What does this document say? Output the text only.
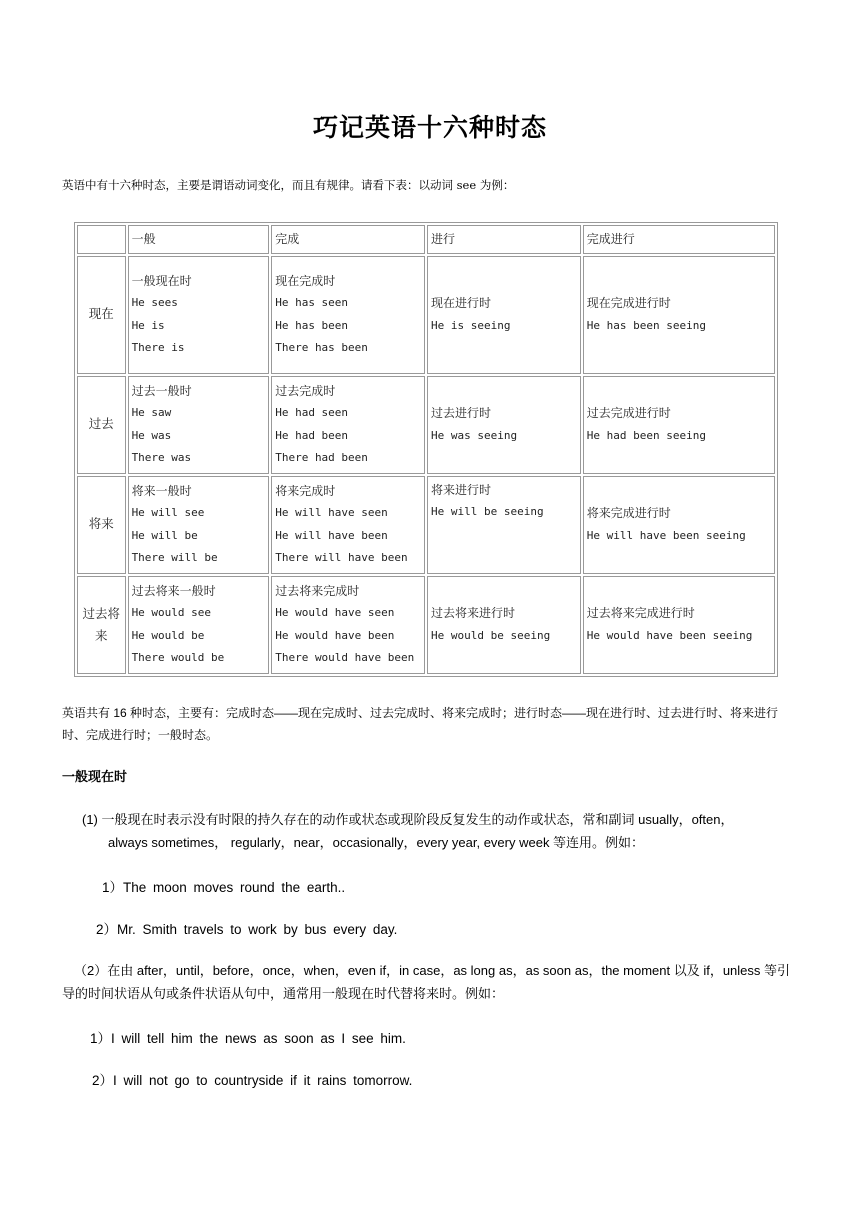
巧记英语十六种时态
英语中有十六种时态，主要是谓语动词变化，而且有规律。请看下表：以动词 see 为例：
	一般	完成	进行	完成进行
现在	一般现在时
He sees
He is
There is	现在完成时
He has seen
He has been
There has been	现在进行时
He is seeing	现在完成进行时
He has been seeing

过去	过去一般时
He saw
He was
There was	过去完成时
He had seen
He had been
There had been	过去进行时
He was seeing	过去完成进行时
He had been seeing

将来	将来一般时
He will see
He will be
There will be	将来完成时
He will have seen
He will have been
There will have been	将来进行时
He will be seeing	将来完成进行时
He will have been seeing

过去将来	过去将来一般时
He would see
He would be
There would be	过去将来完成时
He would have seen
He would have been
There would have been	过去将来进行时
He would be seeing	过去将来完成进行时
He would have been seeing
英语共有 16 种时态，主要有：完成时态——现在完成时、过去完成时、将来完成时；进行时态——现在进行时、过去进行时、将来进行时、完成进行时；一般时态。
一般现在时
(1) 一般现在时表示没有时限的持久存在的动作或状态或现阶段反复发生的动作或状态，常和副词 usually，often，
always sometimes， regularly，near，occasionally，every year, every week 等连用。例如：
1）The moon moves round the earth..
2）Mr. Smith travels to work by bus every day.
（2）在由 after，until，before，once，when，even if，in case，as long as，as soon as，the moment 以及 if，unless 等引导的时间状语从句或条件状语从句中，通常用一般现在时代替将来时。例如：
1）I will tell him the news as soon as I see him.
2）I will not go to countryside if it rains tomorrow.
